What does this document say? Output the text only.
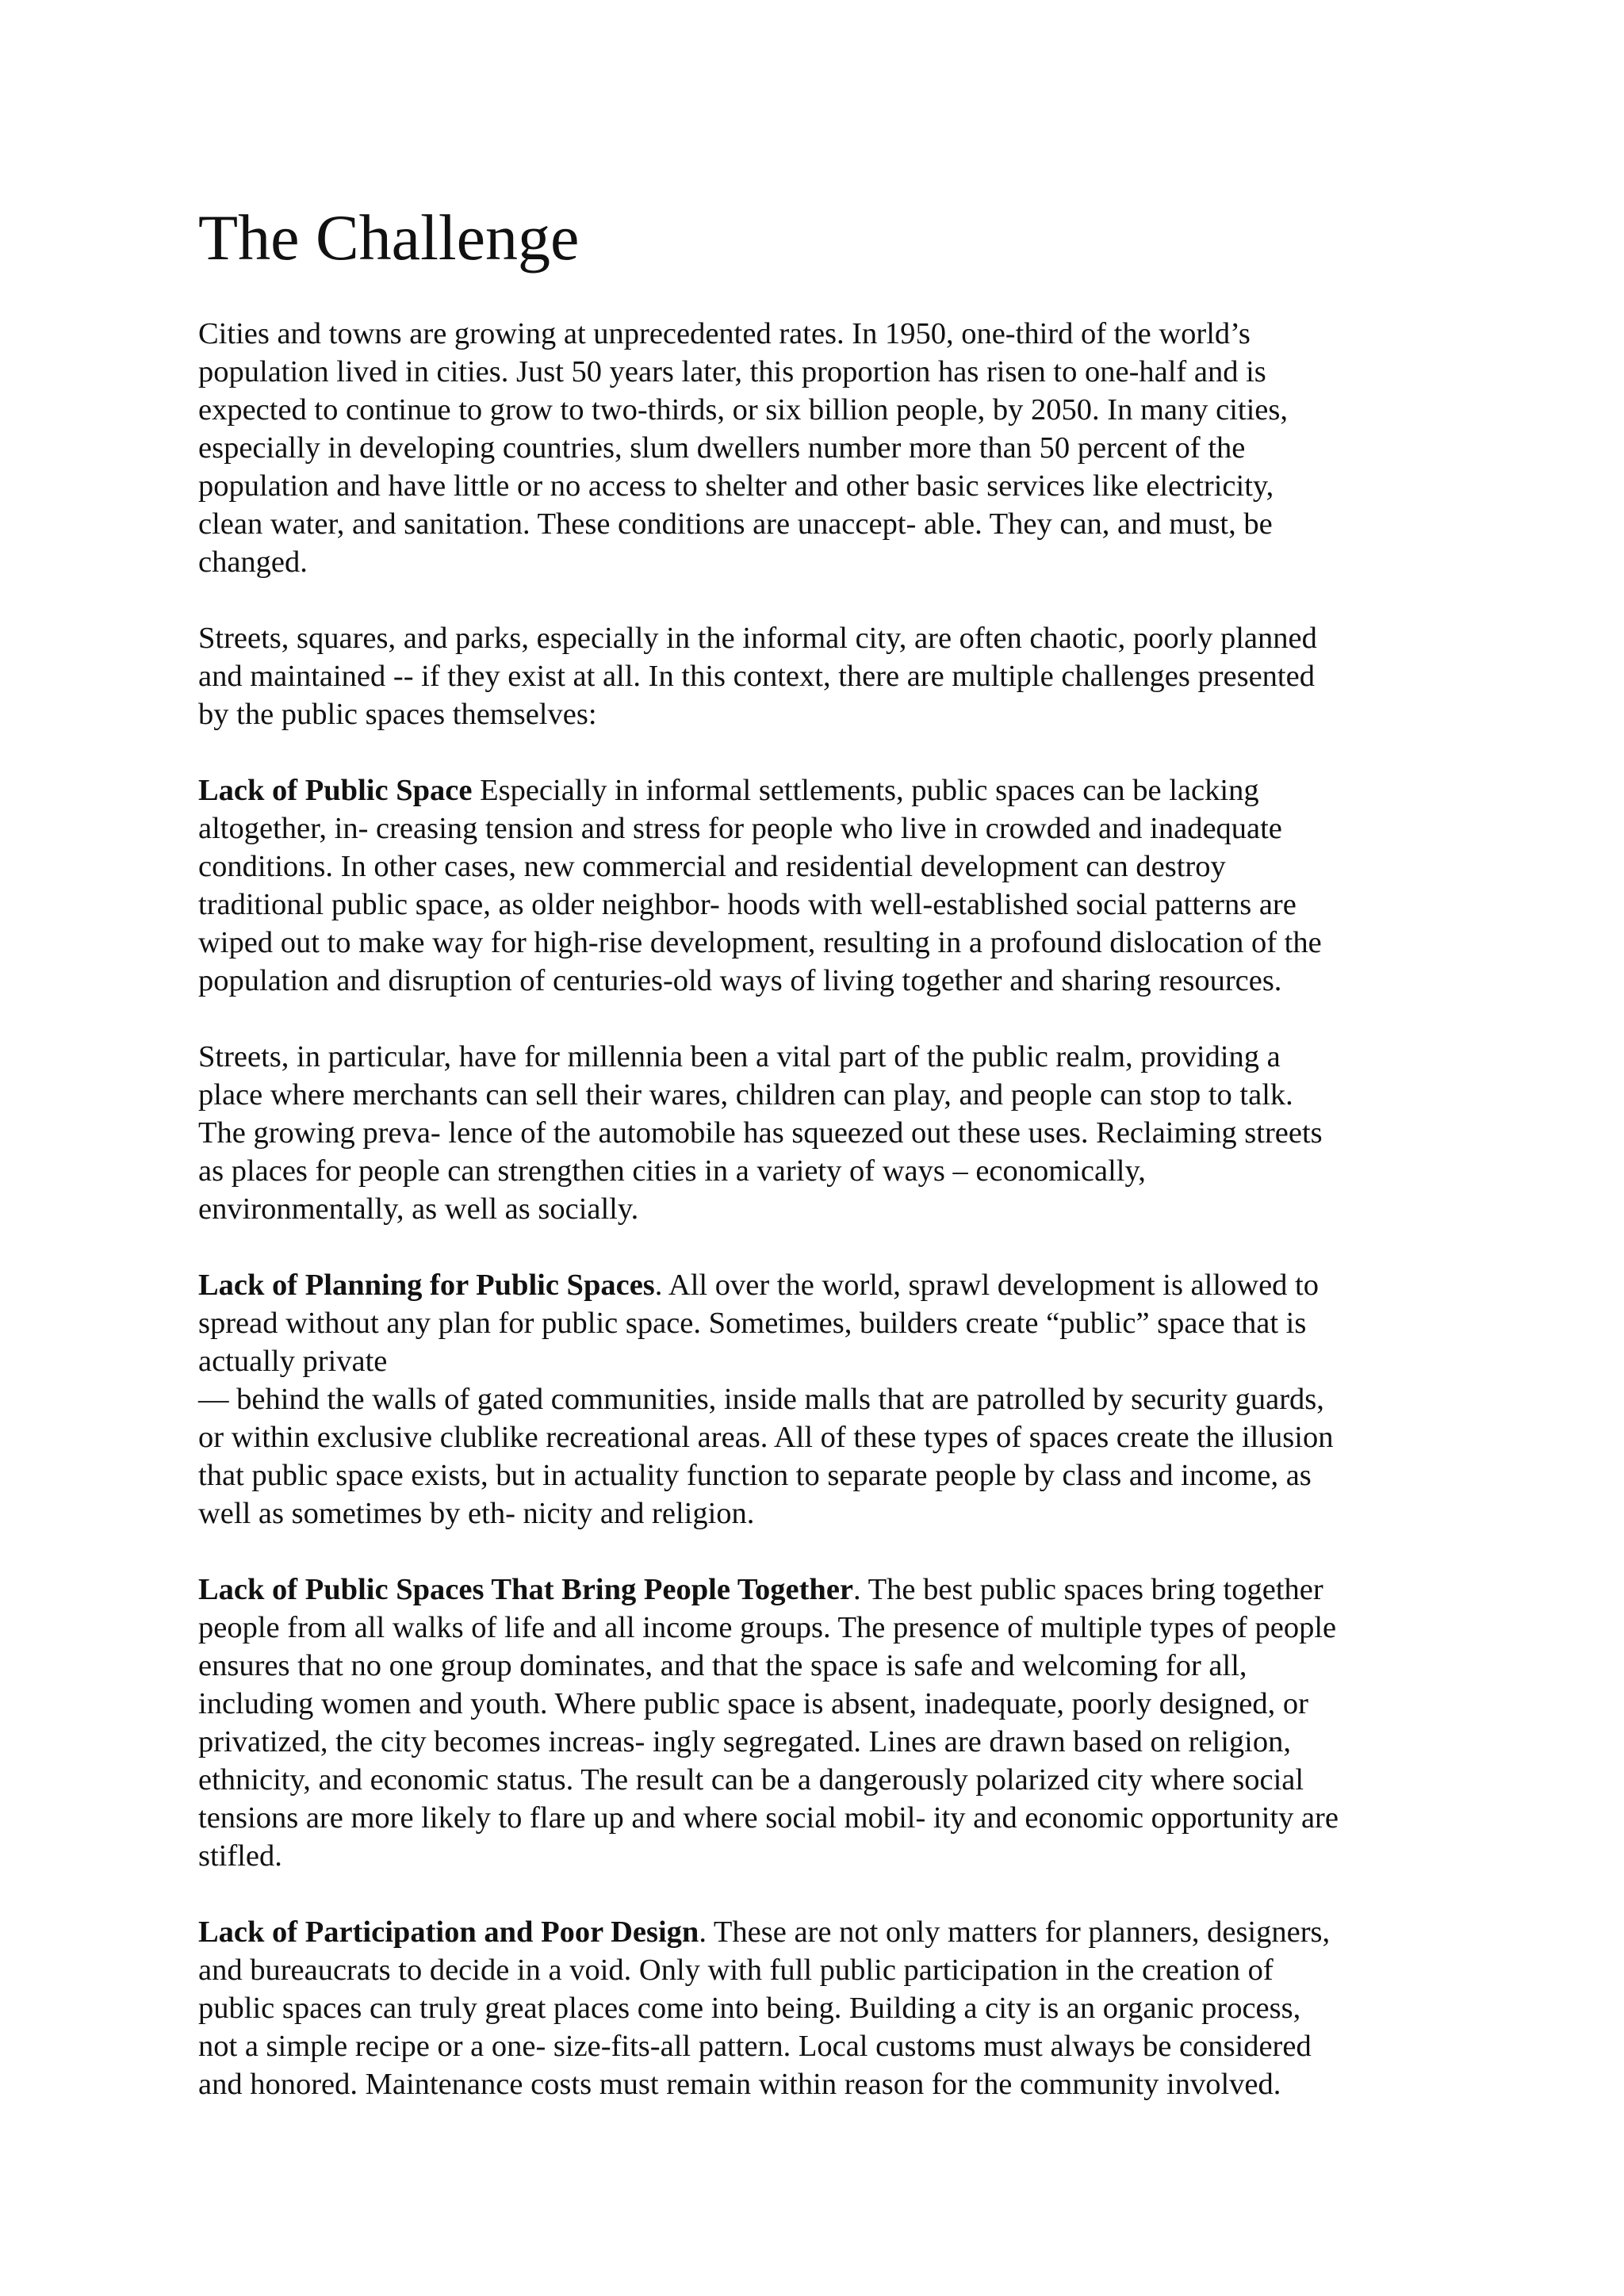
The Challenge

Cities and towns are growing at unprecedented rates. In 1950, one-third of the world’s
population lived in cities. Just 50 years later, this proportion has risen to one-half and is
expected to continue to grow to two-thirds, or six billion people, by 2050. In many cities,
especially in developing countries, slum dwellers number more than 50 percent of the
population and have little or no access to shelter and other basic services like electricity,
clean water, and sanitation. These conditions are unaccept- able. They can, and must, be
changed.

Streets, squares, and parks, especially in the informal city, are often chaotic, poorly planned
and maintained -- if they exist at all. In this context, there are multiple challenges presented
by the public spaces themselves:

Lack of Public Space Especially in informal settlements, public spaces can be lacking
altogether, in- creasing tension and stress for people who live in crowded and inadequate
conditions. In other cases, new commercial and residential development can destroy
traditional public space, as older neighbor- hoods with well-established social patterns are
wiped out to make way for high-rise development, resulting in a profound dislocation of the
population and disruption of centuries-old ways of living together and sharing resources.

Streets, in particular, have for millennia been a vital part of the public realm, providing a
place where merchants can sell their wares, children can play, and people can stop to talk.
The growing preva- lence of the automobile has squeezed out these uses. Reclaiming streets
as places for people can strengthen cities in a variety of ways – economically,
environmentally, as well as socially.

Lack of Planning for Public Spaces. All over the world, sprawl development is allowed to
spread without any plan for public space. Sometimes, builders create “public” space that is
actually private
— behind the walls of gated communities, inside malls that are patrolled by security guards,
or within exclusive clublike recreational areas. All of these types of spaces create the illusion
that public space exists, but in actuality function to separate people by class and income, as
well as sometimes by eth- nicity and religion.

Lack of Public Spaces That Bring People Together. The best public spaces bring together
people from all walks of life and all income groups. The presence of multiple types of people
ensures that no one group dominates, and that the space is safe and welcoming for all,
including women and youth. Where public space is absent, inadequate, poorly designed, or
privatized, the city becomes increas- ingly segregated. Lines are drawn based on religion,
ethnicity, and economic status. The result can be a dangerously polarized city where social
tensions are more likely to flare up and where social mobil- ity and economic opportunity are
stifled.

Lack of Participation and Poor Design. These are not only matters for planners, designers,
and bureaucrats to decide in a void. Only with full public participation in the creation of
public spaces can truly great places come into being. Building a city is an organic process,
not a simple recipe or a one- size-fits-all pattern. Local customs must always be considered
and honored. Maintenance costs must remain within reason for the community involved.
